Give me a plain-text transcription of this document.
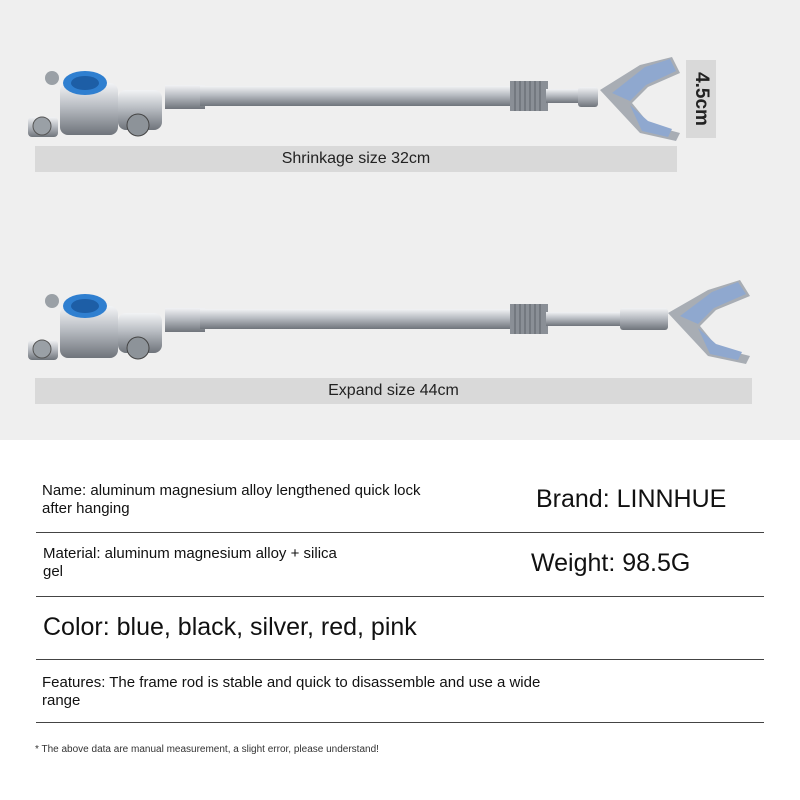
4.5cm
Shrinkage size 32cm
Expand size 44cm
Name: aluminum magnesium alloy lengthened quick lock after hanging	Brand: LINNHUE
Material: aluminum magnesium alloy + silica gel	Weight: 98.5G
Color: blue, black, silver, red, pink
Features: The frame rod is stable and quick to disassemble and use a wide range
* The above data are manual measurement, a slight error, please understand!
